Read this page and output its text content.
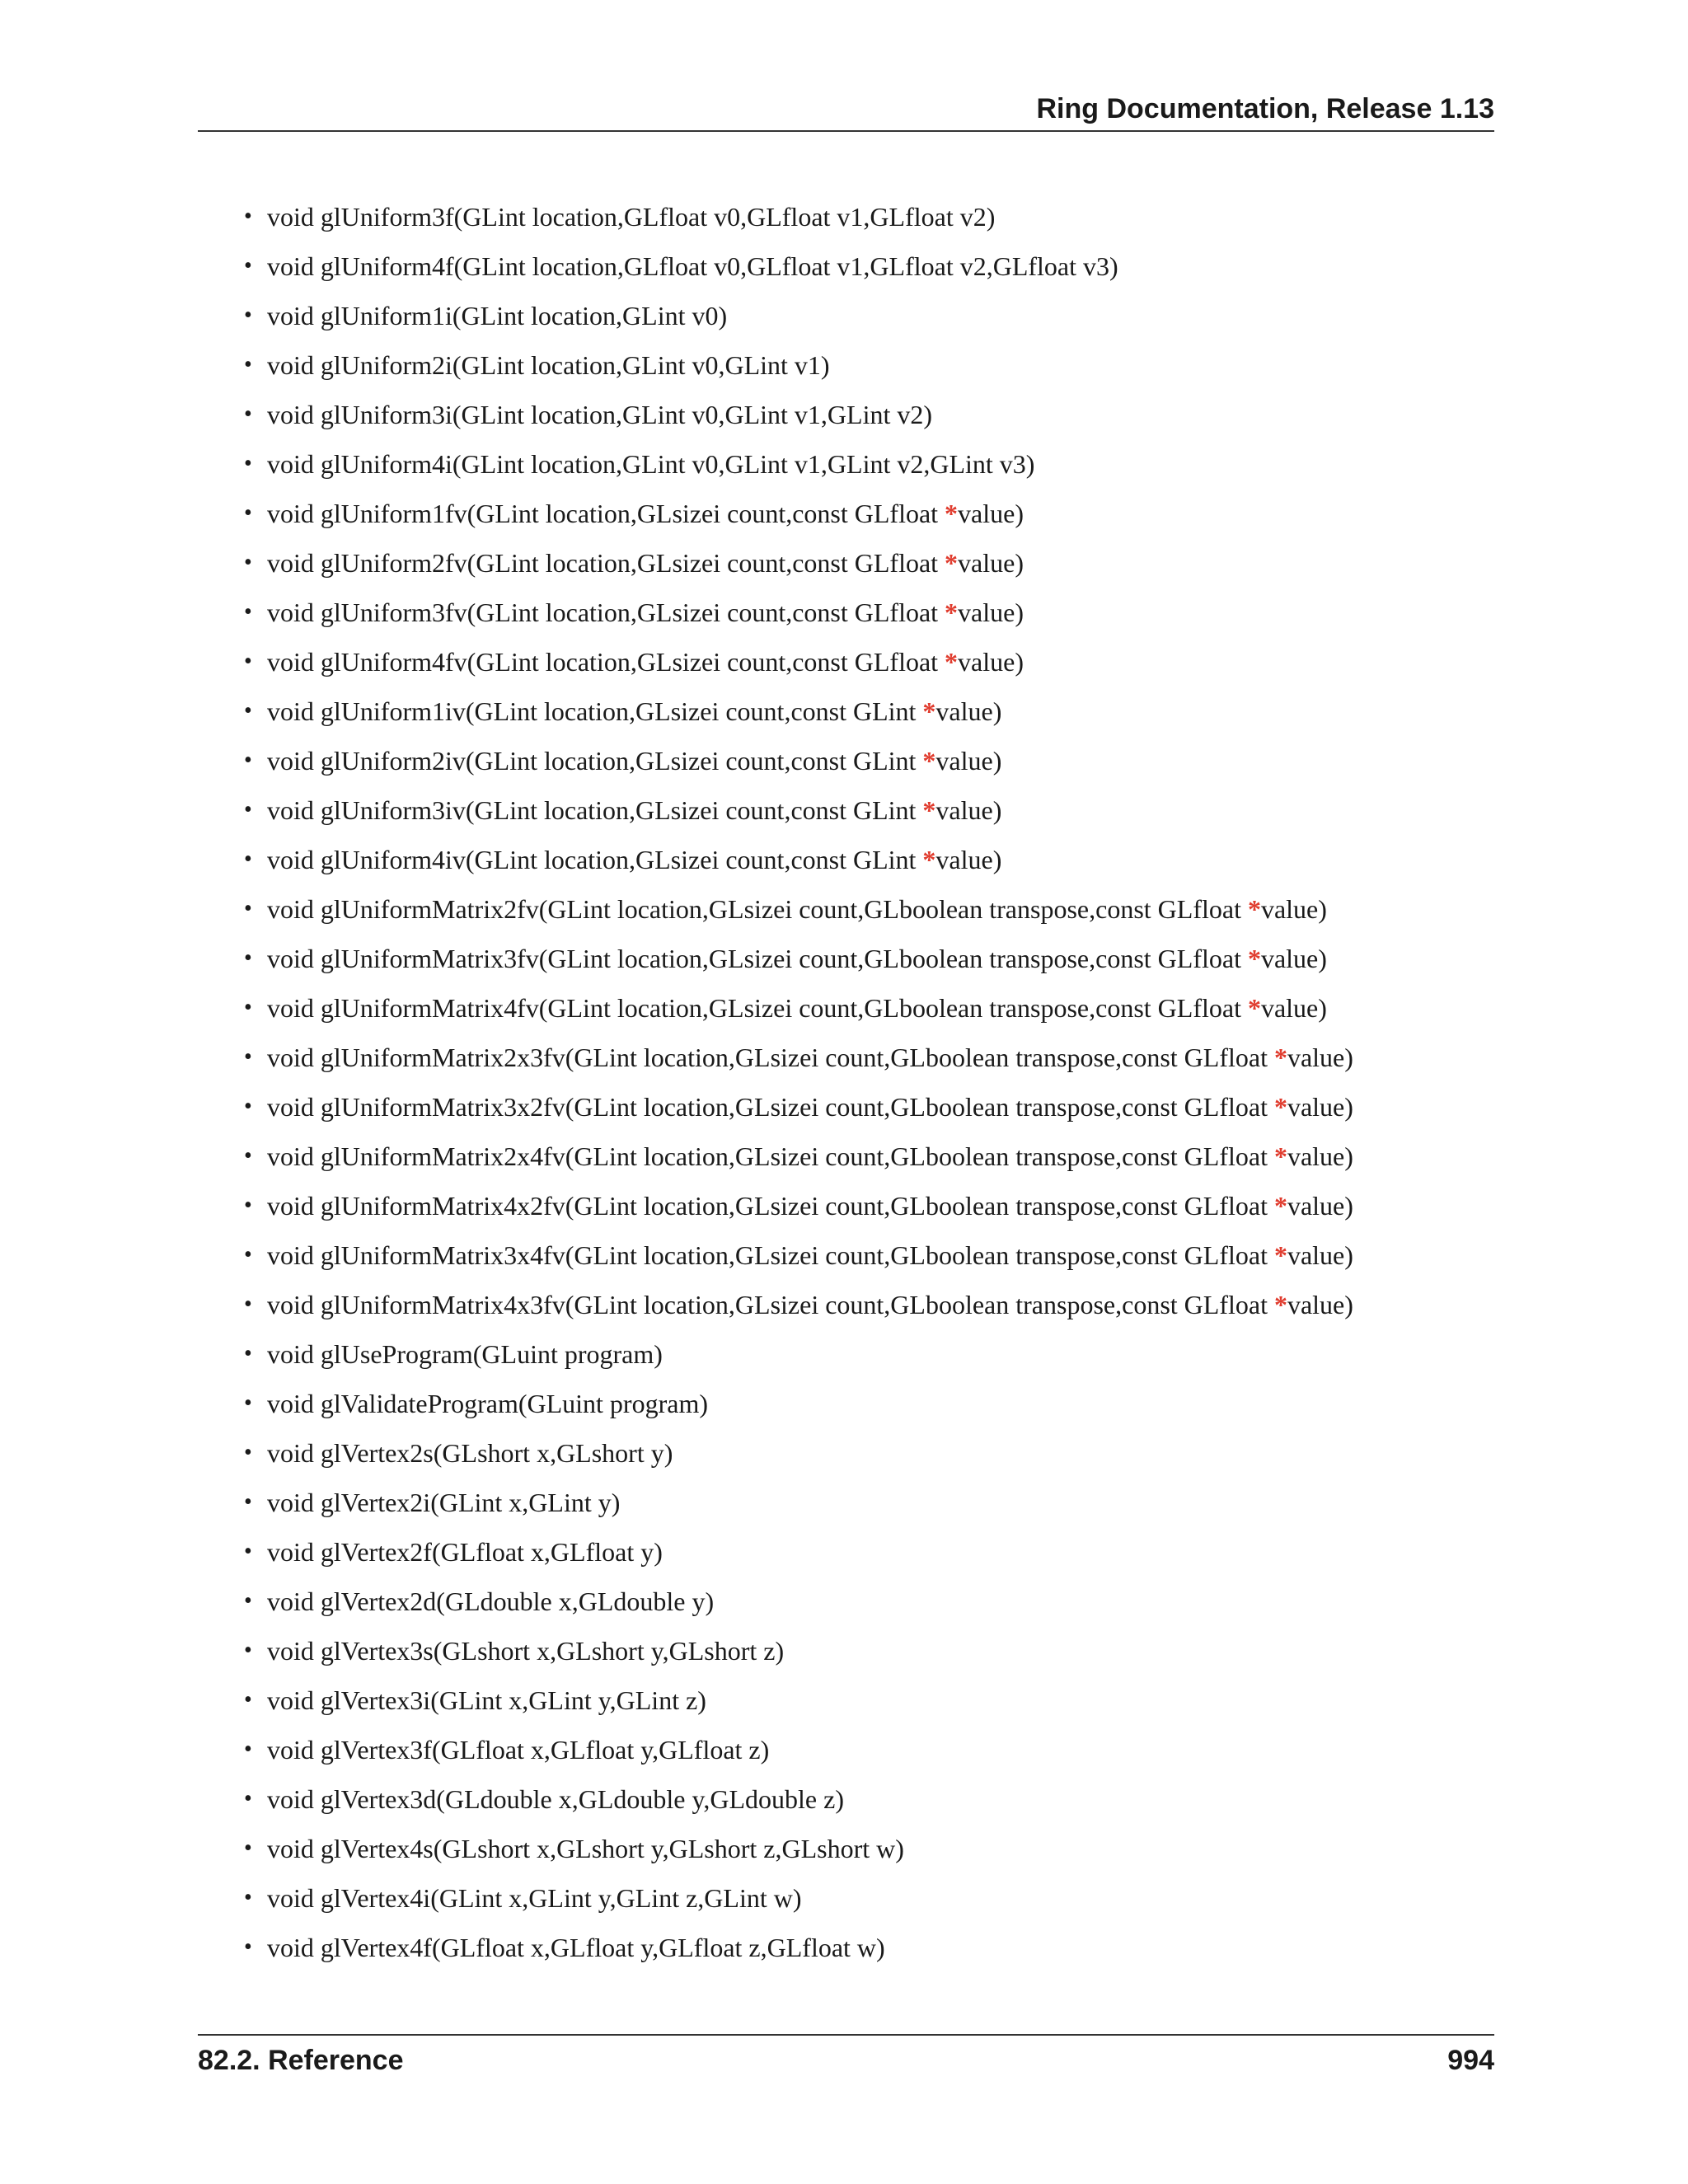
Ring Documentation, Release 1.13
• void glUniform3f(GLint location,GLfloat v0,GLfloat v1,GLfloat v2)
• void glUniform4f(GLint location,GLfloat v0,GLfloat v1,GLfloat v2,GLfloat v3)
• void glUniform1i(GLint location,GLint v0)
• void glUniform2i(GLint location,GLint v0,GLint v1)
• void glUniform3i(GLint location,GLint v0,GLint v1,GLint v2)
• void glUniform4i(GLint location,GLint v0,GLint v1,GLint v2,GLint v3)
• void glUniform1fv(GLint location,GLsizei count,const GLfloat *value)
• void glUniform2fv(GLint location,GLsizei count,const GLfloat *value)
• void glUniform3fv(GLint location,GLsizei count,const GLfloat *value)
• void glUniform4fv(GLint location,GLsizei count,const GLfloat *value)
• void glUniform1iv(GLint location,GLsizei count,const GLint *value)
• void glUniform2iv(GLint location,GLsizei count,const GLint *value)
• void glUniform3iv(GLint location,GLsizei count,const GLint *value)
• void glUniform4iv(GLint location,GLsizei count,const GLint *value)
• void glUniformMatrix2fv(GLint location,GLsizei count,GLboolean transpose,const GLfloat *value)
• void glUniformMatrix3fv(GLint location,GLsizei count,GLboolean transpose,const GLfloat *value)
• void glUniformMatrix4fv(GLint location,GLsizei count,GLboolean transpose,const GLfloat *value)
• void glUniformMatrix2x3fv(GLint location,GLsizei count,GLboolean transpose,const GLfloat *value)
• void glUniformMatrix3x2fv(GLint location,GLsizei count,GLboolean transpose,const GLfloat *value)
• void glUniformMatrix2x4fv(GLint location,GLsizei count,GLboolean transpose,const GLfloat *value)
• void glUniformMatrix4x2fv(GLint location,GLsizei count,GLboolean transpose,const GLfloat *value)
• void glUniformMatrix3x4fv(GLint location,GLsizei count,GLboolean transpose,const GLfloat *value)
• void glUniformMatrix4x3fv(GLint location,GLsizei count,GLboolean transpose,const GLfloat *value)
• void glUseProgram(GLuint program)
• void glValidateProgram(GLuint program)
• void glVertex2s(GLshort x,GLshort y)
• void glVertex2i(GLint x,GLint y)
• void glVertex2f(GLfloat x,GLfloat y)
• void glVertex2d(GLdouble x,GLdouble y)
• void glVertex3s(GLshort x,GLshort y,GLshort z)
• void glVertex3i(GLint x,GLint y,GLint z)
• void glVertex3f(GLfloat x,GLfloat y,GLfloat z)
• void glVertex3d(GLdouble x,GLdouble y,GLdouble z)
• void glVertex4s(GLshort x,GLshort y,GLshort z,GLshort w)
• void glVertex4i(GLint x,GLint y,GLint z,GLint w)
• void glVertex4f(GLfloat x,GLfloat y,GLfloat z,GLfloat w)
82.2. Reference	994
